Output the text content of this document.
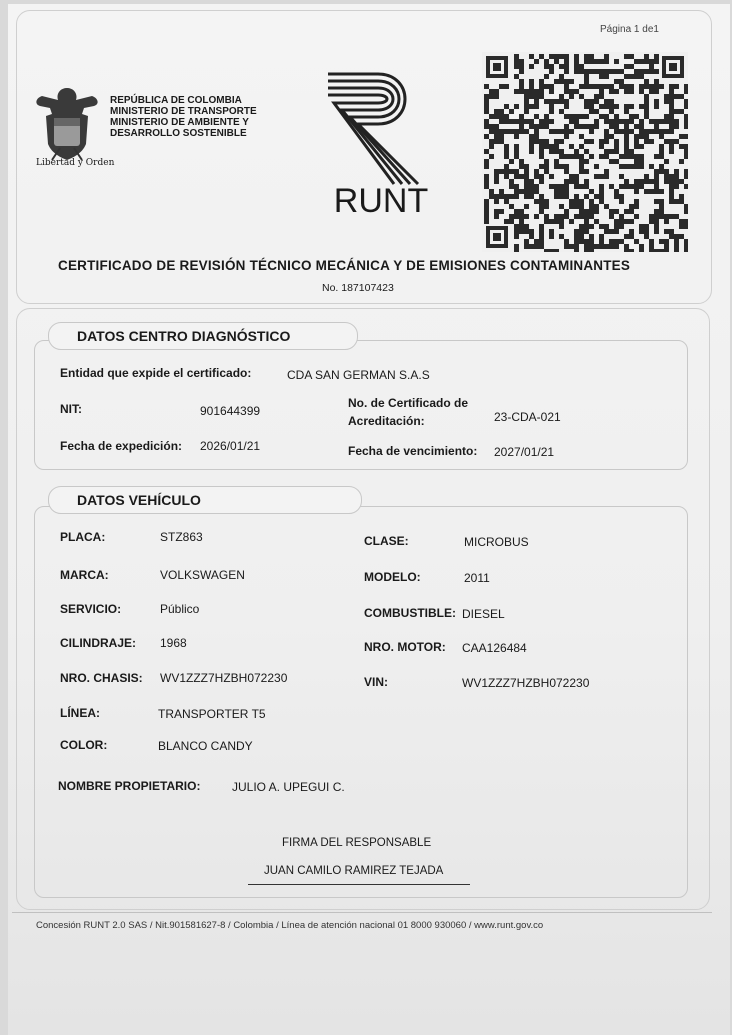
Página 1 de1
Libertad y Orden
REPÚBLICA DE COLOMBIA
MINISTERIO DE TRANSPORTE
MINISTERIO DE AMBIENTE Y
DESARROLLO SOSTENIBLE
RUNT
CERTIFICADO DE REVISIÓN TÉCNICO MECÁNICA Y DE EMISIONES CONTAMINANTES
No. 187107423
DATOS CENTRO DIAGNÓSTICO
Entidad que expide el certificado:	CDA SAN GERMAN S.A.S
NIT:	901644399
No. de Certificado de
Acreditación:	23-CDA-021
Fecha de expedición: 2026/01/21	Fecha de vencimiento: 2027/01/21
DATOS VEHÍCULO
PLACA:	STZ863	CLASE:	MICROBUS
MARCA:	VOLKSWAGEN	MODELO:	2011
SERVICIO:	Público	COMBUSTIBLE: DIESEL
CILINDRAJE: 1968	NRO. MOTOR: CAA126484
NRO. CHASIS: WV1ZZZ7HZBH072230	VIN:	WV1ZZZ7HZBH072230
LÍNEA:	TRANSPORTER T5
COLOR:	BLANCO CANDY
NOMBRE PROPIETARIO:	JULIO A. UPEGUI C.
FIRMA DEL RESPONSABLE
JUAN CAMILO RAMIREZ TEJADA
Concesión RUNT 2.0 SAS / Nit.901581627-8 / Colombia / Línea de atención nacional 01 8000 930060 / www.runt.gov.co
